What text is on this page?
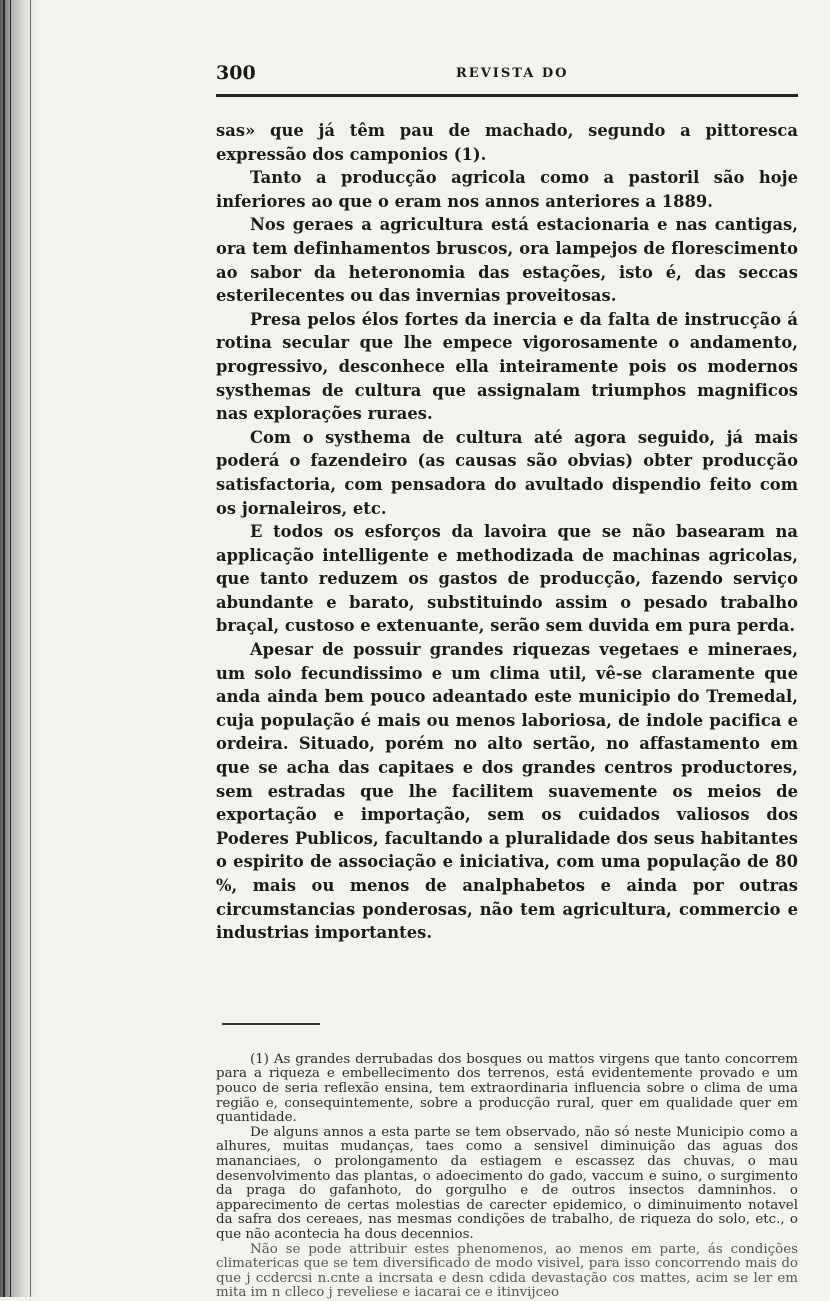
300	REVISTA DO

sas» que já têm pau de machado, segundo a pittoresca expressão dos camponios (1).

Tanto a producção agricola como a pastoril são hoje inferiores ao que o eram nos annos anteriores a 1889.

Nos geraes a agricultura está estacionaria e nas cantigas, ora tem definhamentos bruscos, ora lampejos de florescimento ao sabor da heteronomia das estações, isto é, das seccas esterilecentes ou das invernias proveitosas.

Presa pelos élos fortes da inercia e da falta de instrucção á rotina secular que lhe empece vigorosamente o andamento, progressivo, desconhece ella inteiramente pois os modernos systhemas de cultura que assignalam triumphos magnificos nas explorações ruraes.

Com o systhema de cultura até agora seguido, já mais poderá o fazendeiro (as causas são obvias) obter producção satisfactoria, com pensadora do avultado dispendio feito com os jornaleiros, etc.

E todos os esforços da lavoira que se não basearam na applicação intelligente e methodizada de machinas agricolas, que tanto reduzem os gastos de producção, fazendo serviço abundante e barato, substituindo assim o pesado trabalho braçal, custoso e extenuante, serão sem duvida em pura perda.

Apesar de possuir grandes riquezas vegetaes e mineraes, um solo fecundissimo e um clima util, vê-se claramente que anda ainda bem pouco adeantado este municipio do Tremedal, cuja população é mais ou menos laboriosa, de indole pacifica e ordeira. Situado, porém no alto sertão, no affastamento em que se acha das capitaes e dos grandes centros productores, sem estradas que lhe facilitem suavemente os meios de exportação e importação, sem os cuidados valiosos dos Poderes Publicos, facultando a pluralidade dos seus habitantes o espirito de associação e iniciativa, com uma população de 80 %, mais ou menos de analphabetos e ainda por outras circumstancias ponderosas, não tem agricultura, commercio e industrias importantes.

(1) As grandes derrubadas dos bosques ou mattos virgens que tanto concorrem para a riqueza e embellecimento dos terrenos, está evidentemente provado e um pouco de seria reflexão ensina, tem extraordinaria influencia sobre o clima de uma região e, consequintemente, sobre a producção rural, quer em qualidade quer em quantidade.

De alguns annos a esta parte se tem observado, não só neste Municipio como a alhures, muitas mudanças, taes como a sensivel diminuição das aguas dos mananciaes, o prolongamento da estiagem e escassez das chuvas, o mau desenvolvimento das plantas, o adoecimento do gado, vaccum e suino, o surgimento da praga do gafanhoto, do gorgulho e de outros insectos damninhos. o apparecimento de certas molestias de carecter epidemico, o diminuimento notavel da safra dos cereaes, nas mesmas condições de trabalho, de riqueza do solo, etc., o que não acontecia ha dous decennios.

Não se pode attribuir estes phenomenos, ao menos em parte, ás condições climatericas que se tem diversificado de modo visivel, para isso concorrendo mais do que j ccdercsi n.cnte a incrsata e desn cdida devastação cos mattes, acim se ler em mita im n clleco j reveliese e iacarai ce e itinvijceo
